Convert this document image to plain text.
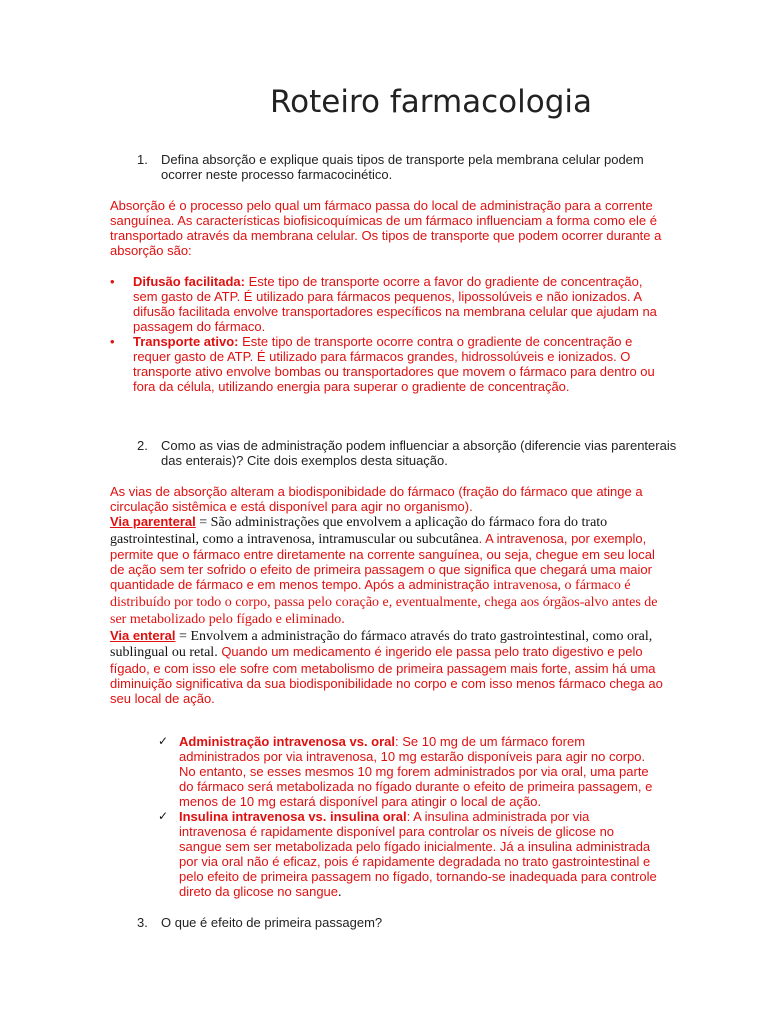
Roteiro farmacologia
1. Defina absorção e explique quais tipos de transporte pela membrana celular podem ocorrer neste processo farmacocinético.
Absorção é o processo pelo qual um fármaco passa do local de administração para a corrente sanguínea. As características biofisicoquímicas de um fármaco influenciam a forma como ele é transportado através da membrana celular. Os tipos de transporte que podem ocorrer durante a absorção são:
• Difusão facilitada: Este tipo de transporte ocorre a favor do gradiente de concentração, sem gasto de ATP. É utilizado para fármacos pequenos, lipossolúveis e não ionizados. A difusão facilitada envolve transportadores específicos na membrana celular que ajudam na passagem do fármaco.
• Transporte ativo: Este tipo de transporte ocorre contra o gradiente de concentração e requer gasto de ATP. É utilizado para fármacos grandes, hidrossolúveis e ionizados. O transporte ativo envolve bombas ou transportadores que movem o fármaco para dentro ou fora da célula, utilizando energia para superar o gradiente de concentração.
2. Como as vias de administração podem influenciar a absorção (diferencie vias parenterais das enterais)? Cite dois exemplos desta situação.
As vias de absorção alteram a biodisponibidade do fármaco (fração do fármaco que atinge a circulação sistêmica e está disponível para agir no organismo).
Via parenteral = São administrações que envolvem a aplicação do fármaco fora do trato gastrointestinal, como a intravenosa, intramuscular ou subcutânea. A intravenosa, por exemplo, permite que o fármaco entre diretamente na corrente sanguínea, ou seja, chegue em seu local de ação sem ter sofrido o efeito de primeira passagem o que significa que chegará uma maior quantidade de fármaco e em menos tempo. Após a administração intravenosa, o fármaco é distribuído por todo o corpo, passa pelo coração e, eventualmente, chega aos órgãos-alvo antes de ser metabolizado pelo fígado e eliminado.
Via enteral = Envolvem a administração do fármaco através do trato gastrointestinal, como oral, sublingual ou retal. Quando um medicamento é ingerido ele passa pelo trato digestivo e pelo fígado, e com isso ele sofre com metabolismo de primeira passagem mais forte, assim há uma diminuição significativa da sua biodisponibilidade no corpo e com isso menos fármaco chega ao seu local de ação.
✓ Administração intravenosa vs. oral: Se 10 mg de um fármaco forem administrados por via intravenosa, 10 mg estarão disponíveis para agir no corpo. No entanto, se esses mesmos 10 mg forem administrados por via oral, uma parte do fármaco será metabolizada no fígado durante o efeito de primeira passagem, e menos de 10 mg estará disponível para atingir o local de ação.
✓ Insulina intravenosa vs. insulina oral: A insulina administrada por via intravenosa é rapidamente disponível para controlar os níveis de glicose no sangue sem ser metabolizada pelo fígado inicialmente. Já a insulina administrada por via oral não é eficaz, pois é rapidamente degradada no trato gastrointestinal e pelo efeito de primeira passagem no fígado, tornando-se inadequada para controle direto da glicose no sangue.
3. O que é efeito de primeira passagem?
